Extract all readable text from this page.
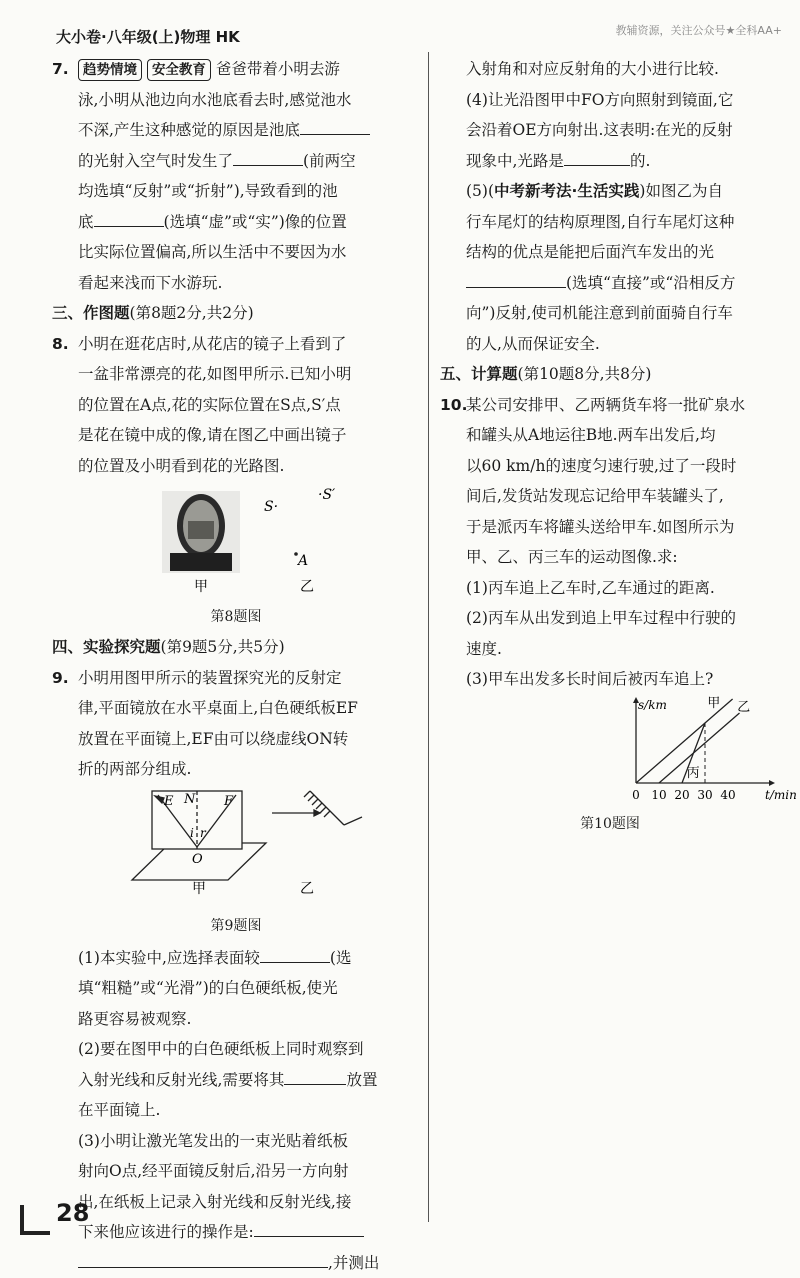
大小卷·八年级(上)物理 HK	教辅资源，关注公众号★全科AA+

7. 趋势情境 安全教育 爸爸带着小明去游

泳,小明从池边向水池底看去时,感觉池水

不深,产生这种感觉的原因是池底

的光射入空气时发生了	(前两空

均选填“反射”或“折射”),导致看到的池

底	(选填“虚”或“实”)像的位置

比实际位置偏高,所以生活中不要因为水

看起来浅而下水游玩.

三、作图题(第8题2分,共2分)

8. 小明在逛花店时,从花店的镜子上看到了

一盆非常漂亮的花,如图甲所示.已知小明

的位置在A点,花的实际位置在S点,S′点

是花在镜中成的像,请在图乙中画出镜子

的位置及小明看到花的光路图.

S·
·S′
A
甲	乙
第8题图

四、实验探究题(第9题5分,共5分)

9. 小明用图甲所示的装置探究光的反射定

律,平面镜放在水平桌面上,白色硬纸板EF

放置在平面镜上,EF由可以绕虚线ON转

折的两部分组成.

E N F
i r
O
甲	乙
第9题图

(1)本实验中,应选择表面较	(选

填“粗糙”或“光滑”)的白色硬纸板,使光

路更容易被观察.

(2)要在图甲中的白色硬纸板上同时观察到

入射光线和反射光线,需要将其	放置

在平面镜上.

(3)小明让激光笔发出的一束光贴着纸板

射向O点,经平面镜反射后,沿另一方向射

出,在纸板上记录入射光线和反射光线,接

下来他应该进行的操作是:

,并测出

入射角和对应反射角的大小进行比较.

(4)让光沿图甲中FO方向照射到镜面,它

会沿着OE方向射出.这表明:在光的反射

现象中,光路是	的.

(5)(中考新考法·生活实践)如图乙为自

行车尾灯的结构原理图,自行车尾灯这种

结构的优点是能把后面汽车发出的光

(选填“直接”或“沿相反方

向”)反射,使司机能注意到前面骑自行车

的人,从而保证安全.

五、计算题(第10题8分,共8分)

10.某公司安排甲、乙两辆货车将一批矿泉水

和罐头从A地运往B地.两车出发后,均

以60 km/h的速度匀速行驶,过了一段时

间后,发货站发现忘记给甲车装罐头了,

于是派丙车将罐头送给甲车.如图所示为

甲、乙、丙三车的运动图像.求:

(1)丙车追上乙车时,乙车通过的距离.

(2)丙车从出发到追上甲车过程中行驶的

速度.

(3)甲车出发多长时间后被丙车追上?

s/km
t/min
0 10 20 30 40
甲 乙
丙
第10题图
28
